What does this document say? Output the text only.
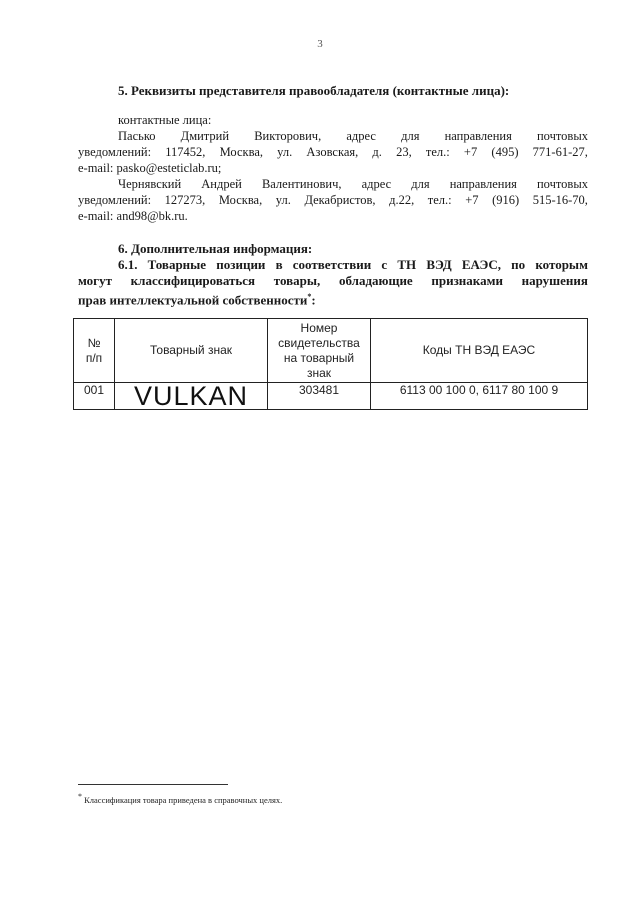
3
5. Реквизиты представителя правообладателя (контактные лица):

контактные лица:

Пасько Дмитрий Викторович, адрес для направления почтовых
уведомлений: 117452, Москва, ул. Азовская, д. 23, тел.: +7 (495) 771-61-27,

e-mail: pasko@esteticlab.ru;

Чернявский Андрей Валентинович, адрес для направления почтовых
уведомлений: 127273, Москва, ул. Декабристов, д.22, тел.: +7 (916) 515-16-70,

e-mail: and98@bk.ru.

6. Дополнительная информация:
6.1. Товарные позиции в соответствии с ТН ВЭД ЕАЭС, по которым
могут классифицироваться товары, обладающие признаками нарушения
прав интеллектуальной собственности*:
№
п/п	Товарный знак	Номер
свидетельства
на товарный
знак	Коды ТН ВЭД ЕАЭС
001	VULKAN	303481	6113 00 100 0, 6117 80 100 9
* Классификация товара приведена в справочных целях.
